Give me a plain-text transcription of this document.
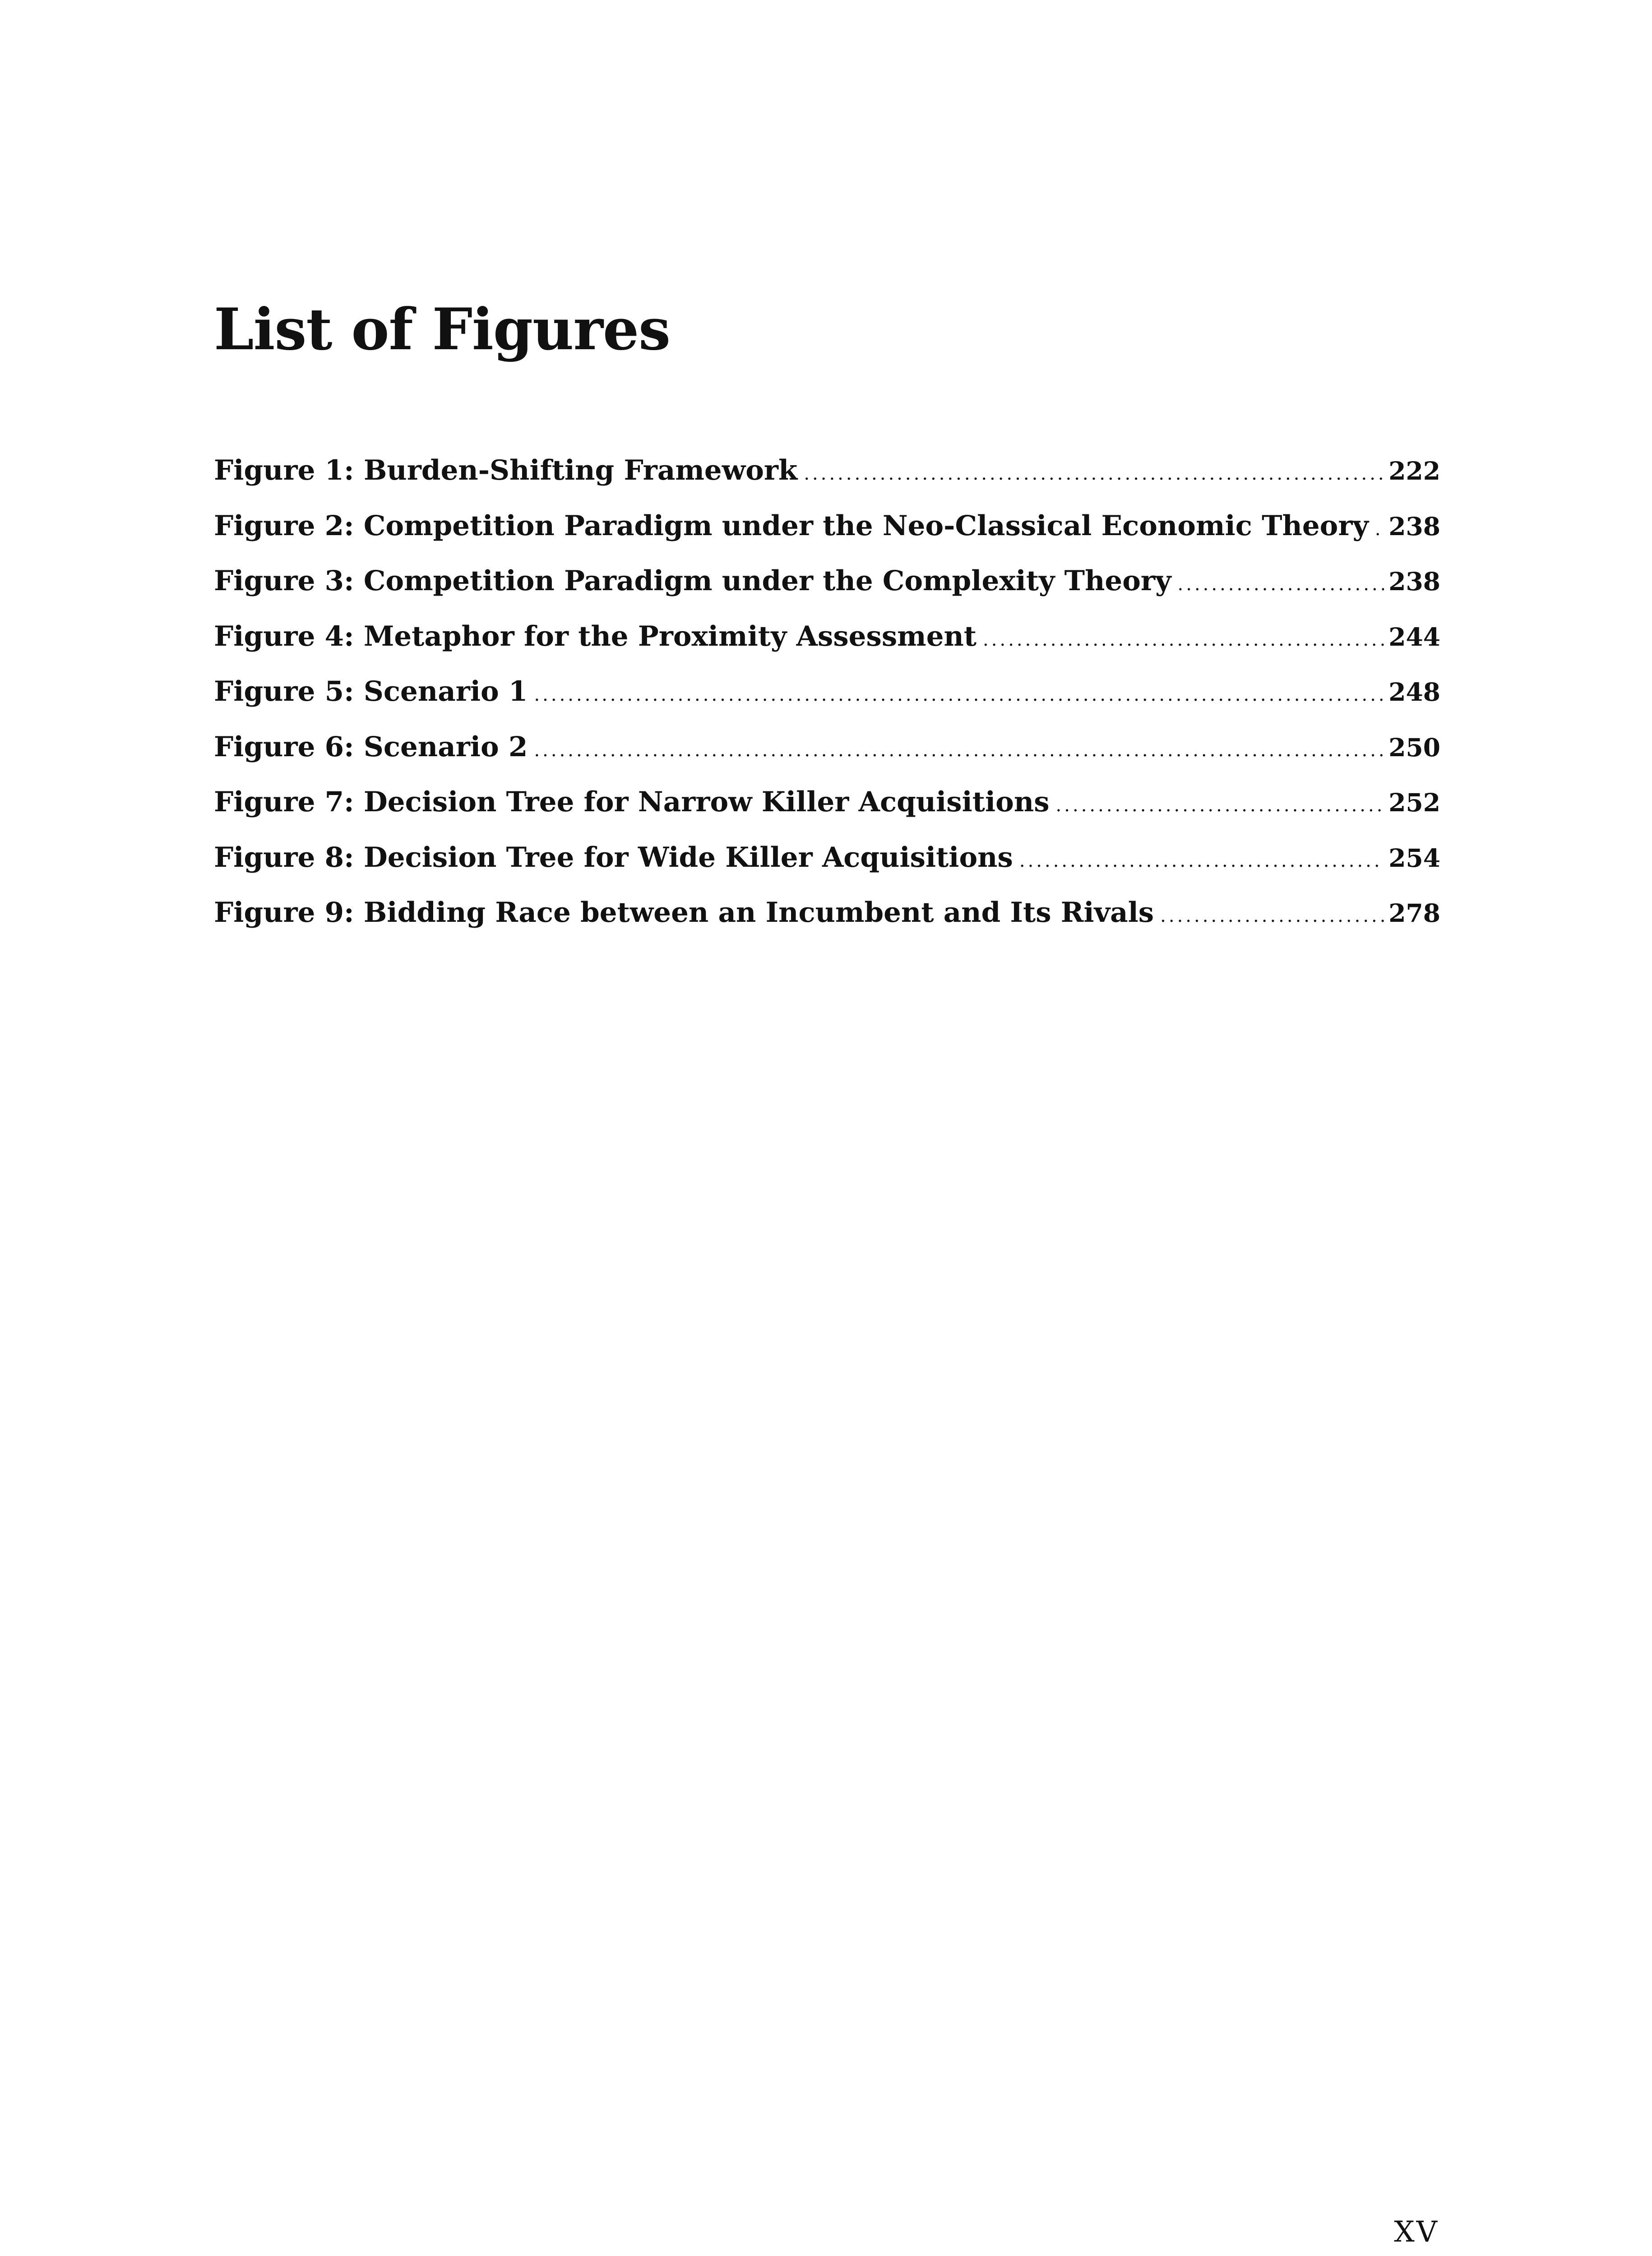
List of Figures
Figure 1: Burden-Shifting Framework .....	222
Figure 2: Competition Paradigm under the Neo-Classical Economic Theory ..... 238
Figure 3: Competition Paradigm under the Complexity Theory .....	238
Figure 4: Metaphor for the Proximity Assessment .....	244
Figure 5: Scenario 1 .....	248
Figure 6: Scenario 2 .....	250
Figure 7: Decision Tree for Narrow Killer Acquisitions .....	252
Figure 8: Decision Tree for Wide Killer Acquisitions .....	254
Figure 9: Bidding Race between an Incumbent and Its Rivals .....	278
XV
